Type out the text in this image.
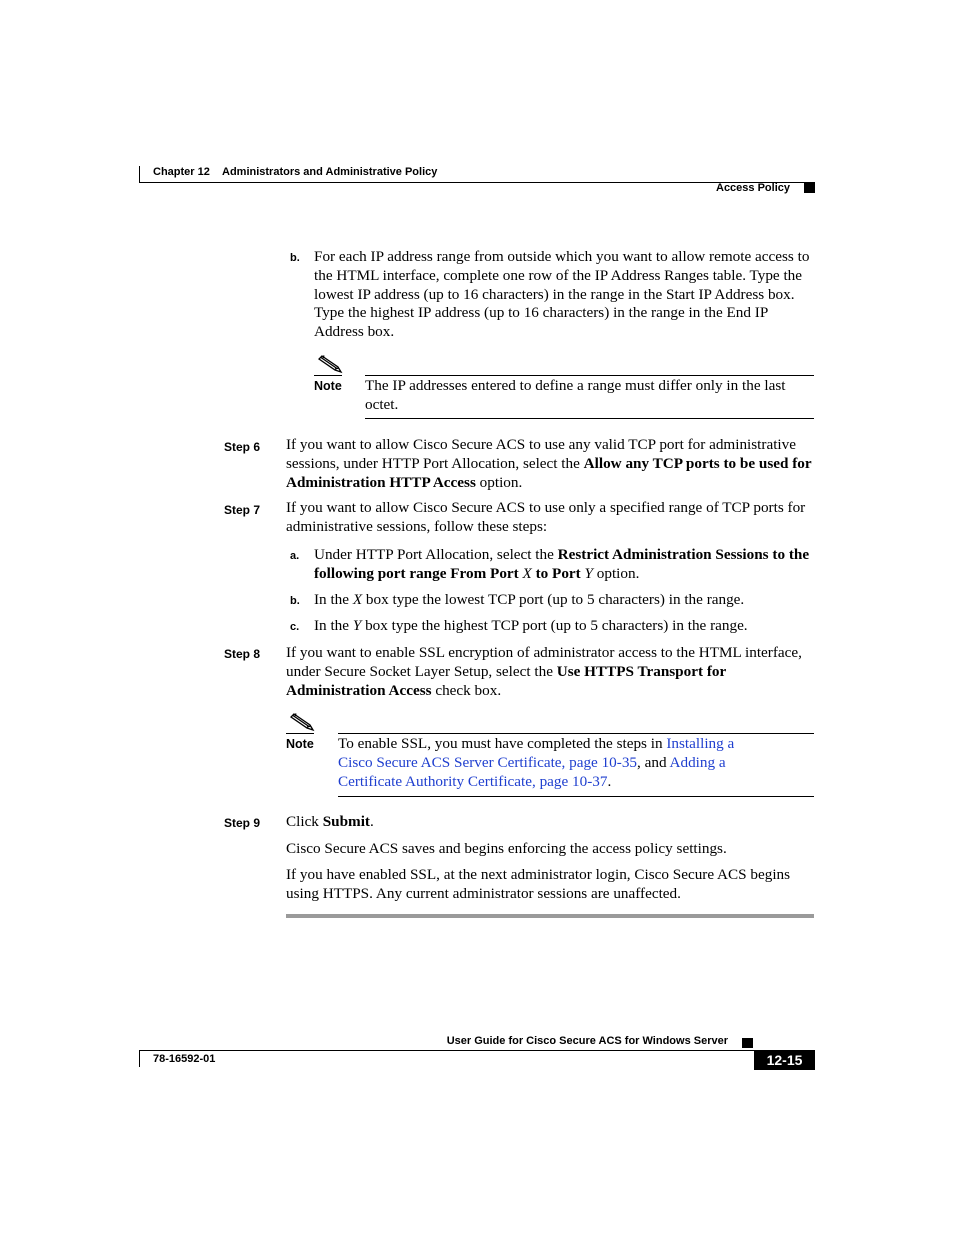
Chapter 12 Administrators and Administrative Policy
Access Policy
b. For each IP address range from outside which you want to allow remote access to the HTML interface, complete one row of the IP Address Ranges table. Type the lowest IP address (up to 16 characters) in the range in the Start IP Address box. Type the highest IP address (up to 16 characters) in the range in the End IP Address box.
Note The IP addresses entered to define a range must differ only in the last octet.
Step 6 If you want to allow Cisco Secure ACS to use any valid TCP port for administrative sessions, under HTTP Port Allocation, select the Allow any TCP ports to be used for Administration HTTP Access option.
Step 7 If you want to allow Cisco Secure ACS to use only a specified range of TCP ports for administrative sessions, follow these steps:
a. Under HTTP Port Allocation, select the Restrict Administration Sessions to the following port range From Port X to Port Y option.
b. In the X box type the lowest TCP port (up to 5 characters) in the range.
c. In the Y box type the highest TCP port (up to 5 characters) in the range.
Step 8 If you want to enable SSL encryption of administrator access to the HTML interface, under Secure Socket Layer Setup, select the Use HTTPS Transport for Administration Access check box.
Note To enable SSL, you must have completed the steps in Installing a Cisco Secure ACS Server Certificate, page 10-35, and Adding a Certificate Authority Certificate, page 10-37.
Step 9 Click Submit.
Cisco Secure ACS saves and begins enforcing the access policy settings.
If you have enabled SSL, at the next administrator login, Cisco Secure ACS begins using HTTPS. Any current administrator sessions are unaffected.
User Guide for Cisco Secure ACS for Windows Server
78-16592-01	12-15
